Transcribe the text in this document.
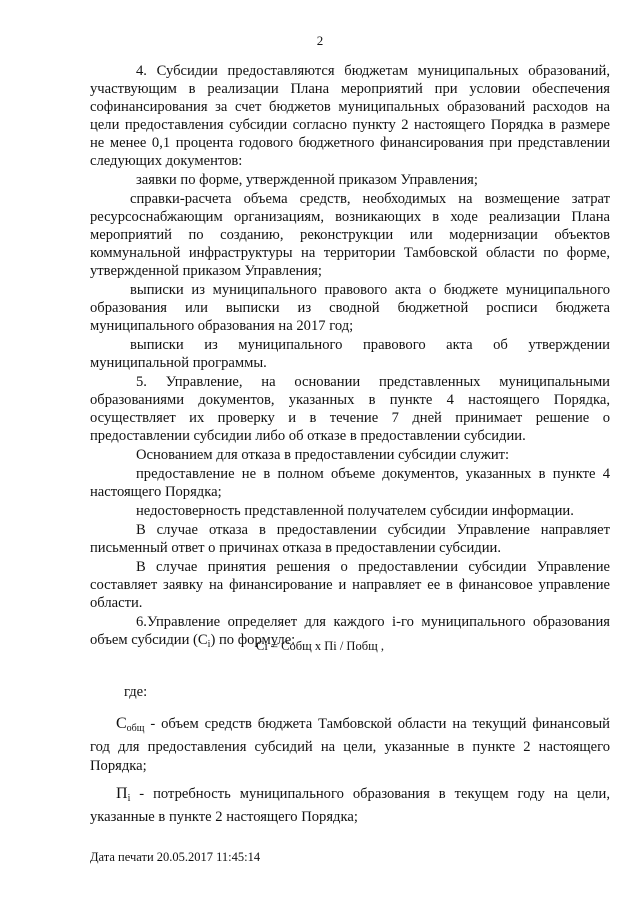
2

4. Субсидии предоставляются бюджетам муниципальных образований, участвующим в реализации Плана мероприятий при условии обеспечения софинансирования за счет бюджетов муниципальных образований расходов на цели предоставления субсидии согласно пункту 2 настоящего Порядка в размере не менее 0,1 процента годового бюджетного финансирования при представлении следующих документов:

заявки по форме, утвержденной приказом Управления;

справки-расчета объема средств, необходимых на возмещение затрат ресурсоснабжающим организациям, возникающих в ходе реализации Плана мероприятий по созданию, реконструкции или модернизации объектов коммунальной инфраструктуры на территории Тамбовской области по форме, утвержденной приказом Управления;

выписки из муниципального правового акта о бюджете муниципального образования или выписки из сводной бюджетной росписи бюджета муниципального образования на 2017 год;

выписки из муниципального правового акта об утверждении муниципальной программы.

5. Управление, на основании представленных муниципальными образованиями документов, указанных в пункте 4 настоящего Порядка, осуществляет их проверку и в течение 7 дней принимает решение о предоставлении субсидии либо об отказе в предоставлении субсидии.

Основанием для отказа в предоставлении субсидии служит:

предоставление не в полном объеме документов, указанных в пункте 4 настоящего Порядка;

недостоверность представленной получателем субсидии информации.

В случае отказа в предоставлении субсидии Управление направляет письменный ответ о причинах отказа в предоставлении субсидии.

В случае принятия решения о предоставлении субсидии Управление составляет заявку на финансирование и направляет ее в финансовое управление области.

6.Управление определяет для каждого i-го муниципального образования объем субсидии $(C_i)$ по формуле:

Ci = Cобщ x Пi / Побщ ,

где:

$C_{общ}$ - объем средств бюджета Тамбовской области на текущий финансовый год для предоставления субсидий на цели, указанные в пункте 2 настоящего Порядка;

$П_i$ - потребность муниципального образования в текущем году на цели, указанные в пункте 2 настоящего Порядка;

Дата печати 20.05.2017 11:45:14
